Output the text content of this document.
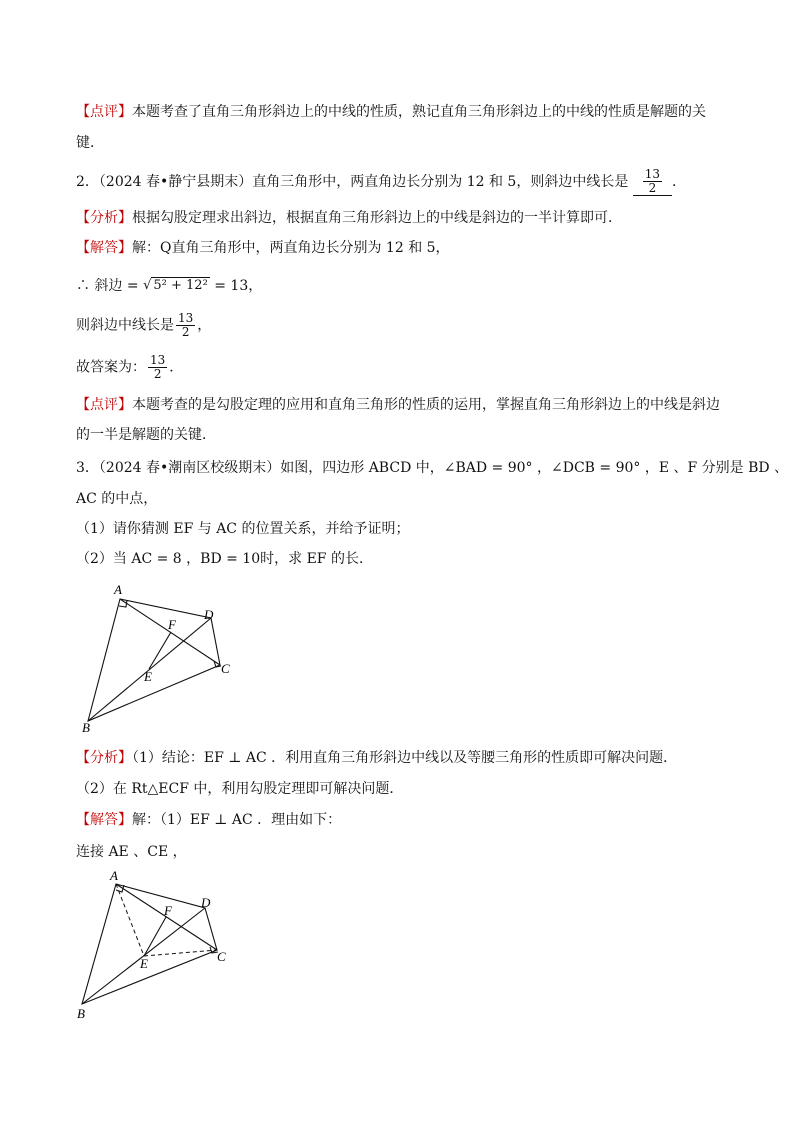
【点评】本题考查了直角三角形斜边上的中线的性质，熟记直角三角形斜边上的中线的性质是解题的关
键．
2．（2024 春•静宁县期末）直角三角形中，两直角边长分别为 12 和 5，则斜边中线长是 $\frac{13}{2}$ ．
【分析】根据勾股定理求出斜边，根据直角三角形斜边上的中线是斜边的一半计算即可．
【解答】解：Q直角三角形中，两直角边长分别为 12 和 5，
∴ 斜边 = √ 5² + 12² = 13，
则斜边中线长是 $\frac{13}{2}$ ，
故答案为： $\frac{13}{2}$ ．
【点评】本题考查的是勾股定理的应用和直角三角形的性质的运用，掌握直角三角形斜边上的中线是斜边
的一半是解题的关键．
3．（2024 春•潮南区校级期末）如图，四边形 ABCD 中，∠BAD = 90° ，∠DCB = 90° ，E 、F 分别是 BD 、
AC 的中点，
（1）请你猜测 EF 与 AC 的位置关系，并给予证明；
（2）当 AC = 8 ，BD = 10时，求 EF 的长．
A
D
F
C
E
B
【分析】（1）结论：EF ⊥ AC ．利用直角三角形斜边中线以及等腰三角形的性质即可解决问题．
（2）在 Rt△ECF 中，利用勾股定理即可解决问题．
【解答】解：（1）EF ⊥ AC ．理由如下：
连接 AE 、CE ，
A
D
F
C
E
B
